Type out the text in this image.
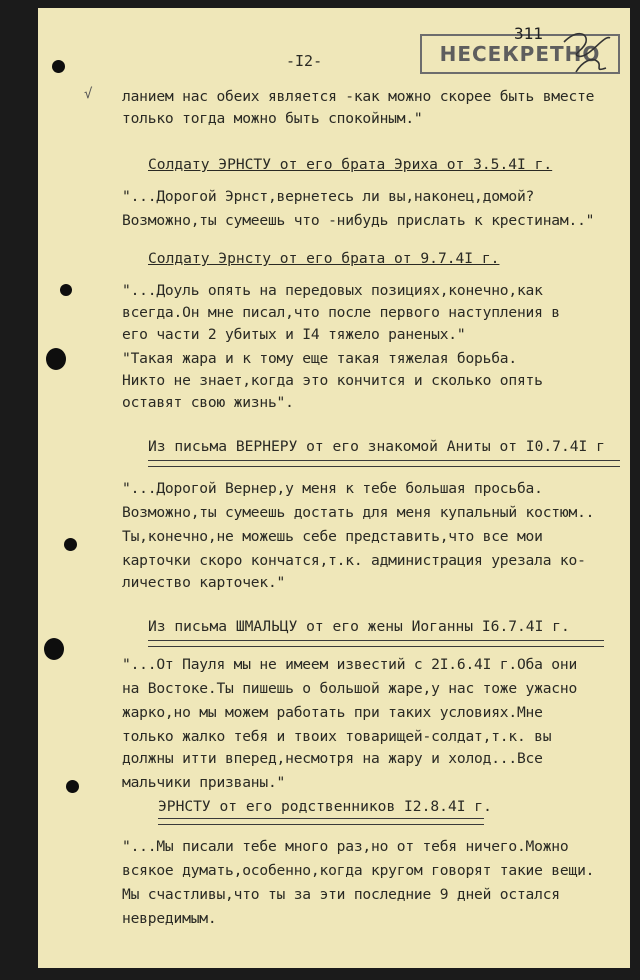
√
-I2-	НЕСЕКРЕТНО
311
ланием нас обеих является -как можно скорее быть вместе
только тогда можно быть спокойным."
Солдату ЭРНСТУ от его брата Эриха от 3.5.4I г.
"...Дорогой Эрнст,вернетесь ли вы,наконец,домой?
Возможно,ты сумеешь что -нибудь прислать к крестинам.."
Солдату Эрнсту от его брата от 9.7.4I г.
"...Доуль опять на передовых позициях,конечно,как
всегда.Он мне писал,что после первого наступления в
его части 2 убитых и I4 тяжело раненых."
"Такая жара и к тому еще такая тяжелая борьба.
Никто не знает,когда это кончится и сколько опять
оставят свою жизнь".
Из письма ВЕРНЕРУ от его знакомой Аниты от I0.7.4I г
"...Дорогой Вернер,у меня к тебе большая просьба.
Возможно,ты сумеешь достать для меня купальный костюм..
Ты,конечно,не можешь себе представить,что все мои
карточки скоро кончатся,т.к. администрация урезала ко-
личество карточек."
Из письма ШМАЛЬЦУ от его жены Иоганны I6.7.4I г.
"...От Пауля мы не имеем известий с 2I.6.4I г.Оба они
на Востоке.Ты пишешь о большой жаре,у нас тоже ужасно
жарко,но мы можем работать при таких условиях.Мне
только жалко тебя и твоих товарищей-солдат,т.к. вы
должны итти вперед,несмотря на жару и холод...Все
мальчики призваны."
ЭРНСТУ от его родственников I2.8.4I г.
"...Мы писали тебе много раз,но от тебя ничего.Можно
всякое думать,особенно,когда кругом говорят такие вещи.
Мы счастливы,что ты за эти последние 9 дней остался
невредимым.
